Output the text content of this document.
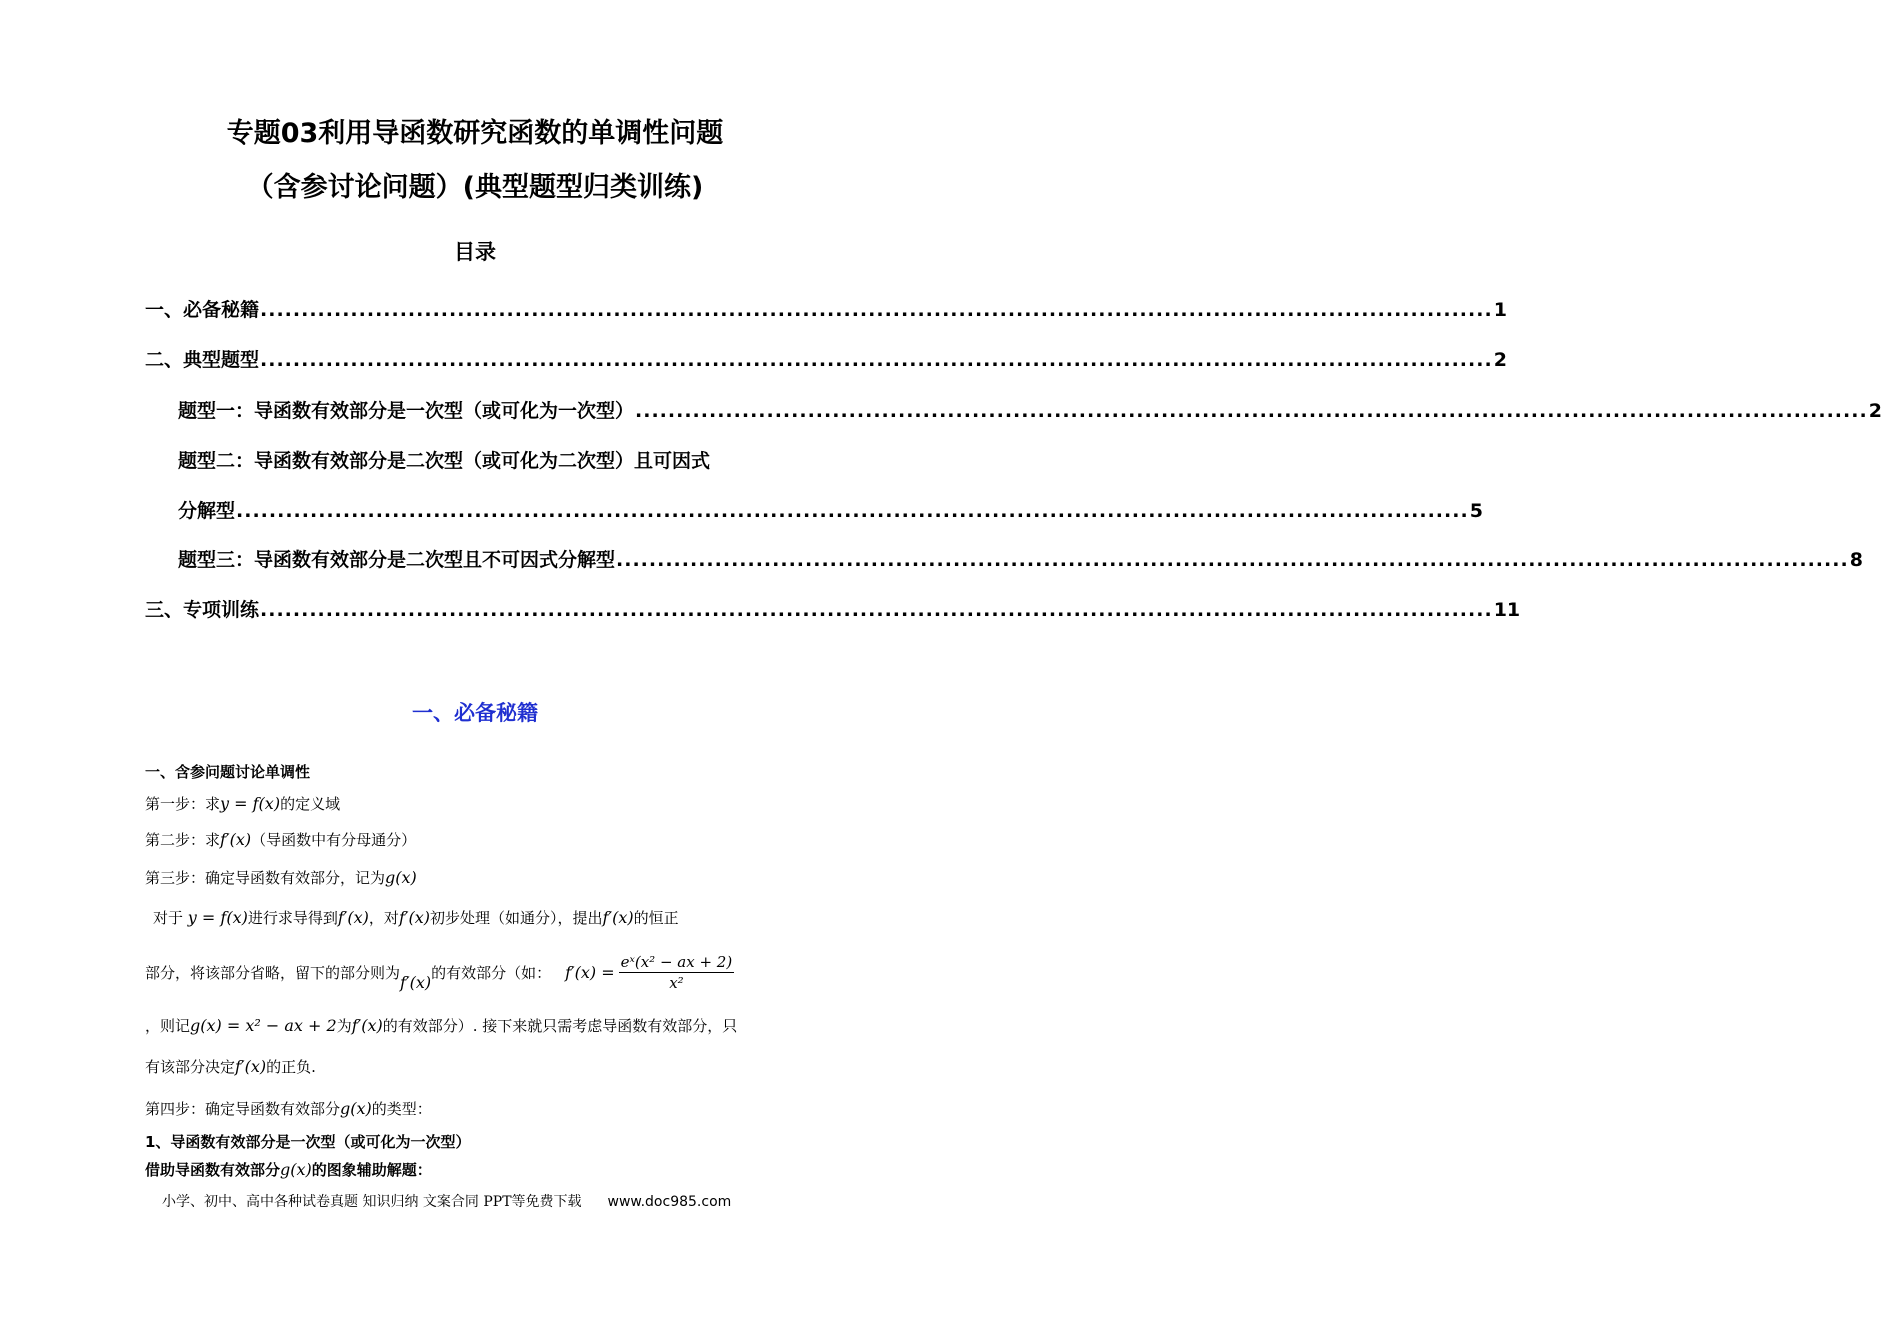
专题03利用导函数研究函数的单调性问题
（含参讨论问题）(典型题型归类训练)
目录
一、必备秘籍 ...................................................................................................................................................... 1
二、典型题型 ...................................................................................................................................................... 2
题型一：导函数有效部分是一次型（或可化为一次型） ...................................................................................................................................................... 2
题型二：导函数有效部分是二次型（或可化为二次型）且可因式
分解型 ...................................................................................................................................................... 5
题型三：导函数有效部分是二次型且不可因式分解型 ...................................................................................................................................................... 8
三、专项训练 ...................................................................................................................................................... 11
一、必备秘籍
一、含参问题讨论单调性
第一步：求y = f(x)的定义域
第二步：求f′(x)（导函数中有分母通分）
第三步：确定导函数有效部分，记为g(x)
对于 y = f(x)进行求导得到f′(x)，对f′(x)初步处理（如通分），提出f′(x)的恒正
部分，将该部分省略，留下的部分则为 f′(x) 的有效部分（如： $f'(x) = \frac{\text{eˣ(x² − ax + 2)}}{\text{x²}}$
，则记g(x) = x² − ax + 2为f′(x)的有效部分）. 接下来就只需考虑导函数有效部分，只
有该部分决定f′(x)的正负.
第四步：确定导函数有效部分g(x)的类型：
1、导函数有效部分是一次型（或可化为一次型）
借助导函数有效部分g(x)的图象辅助解题：
小学、初中、高中各种试卷真题 知识归纳 文案合同 PPT等免费下载 www.doc985.com
